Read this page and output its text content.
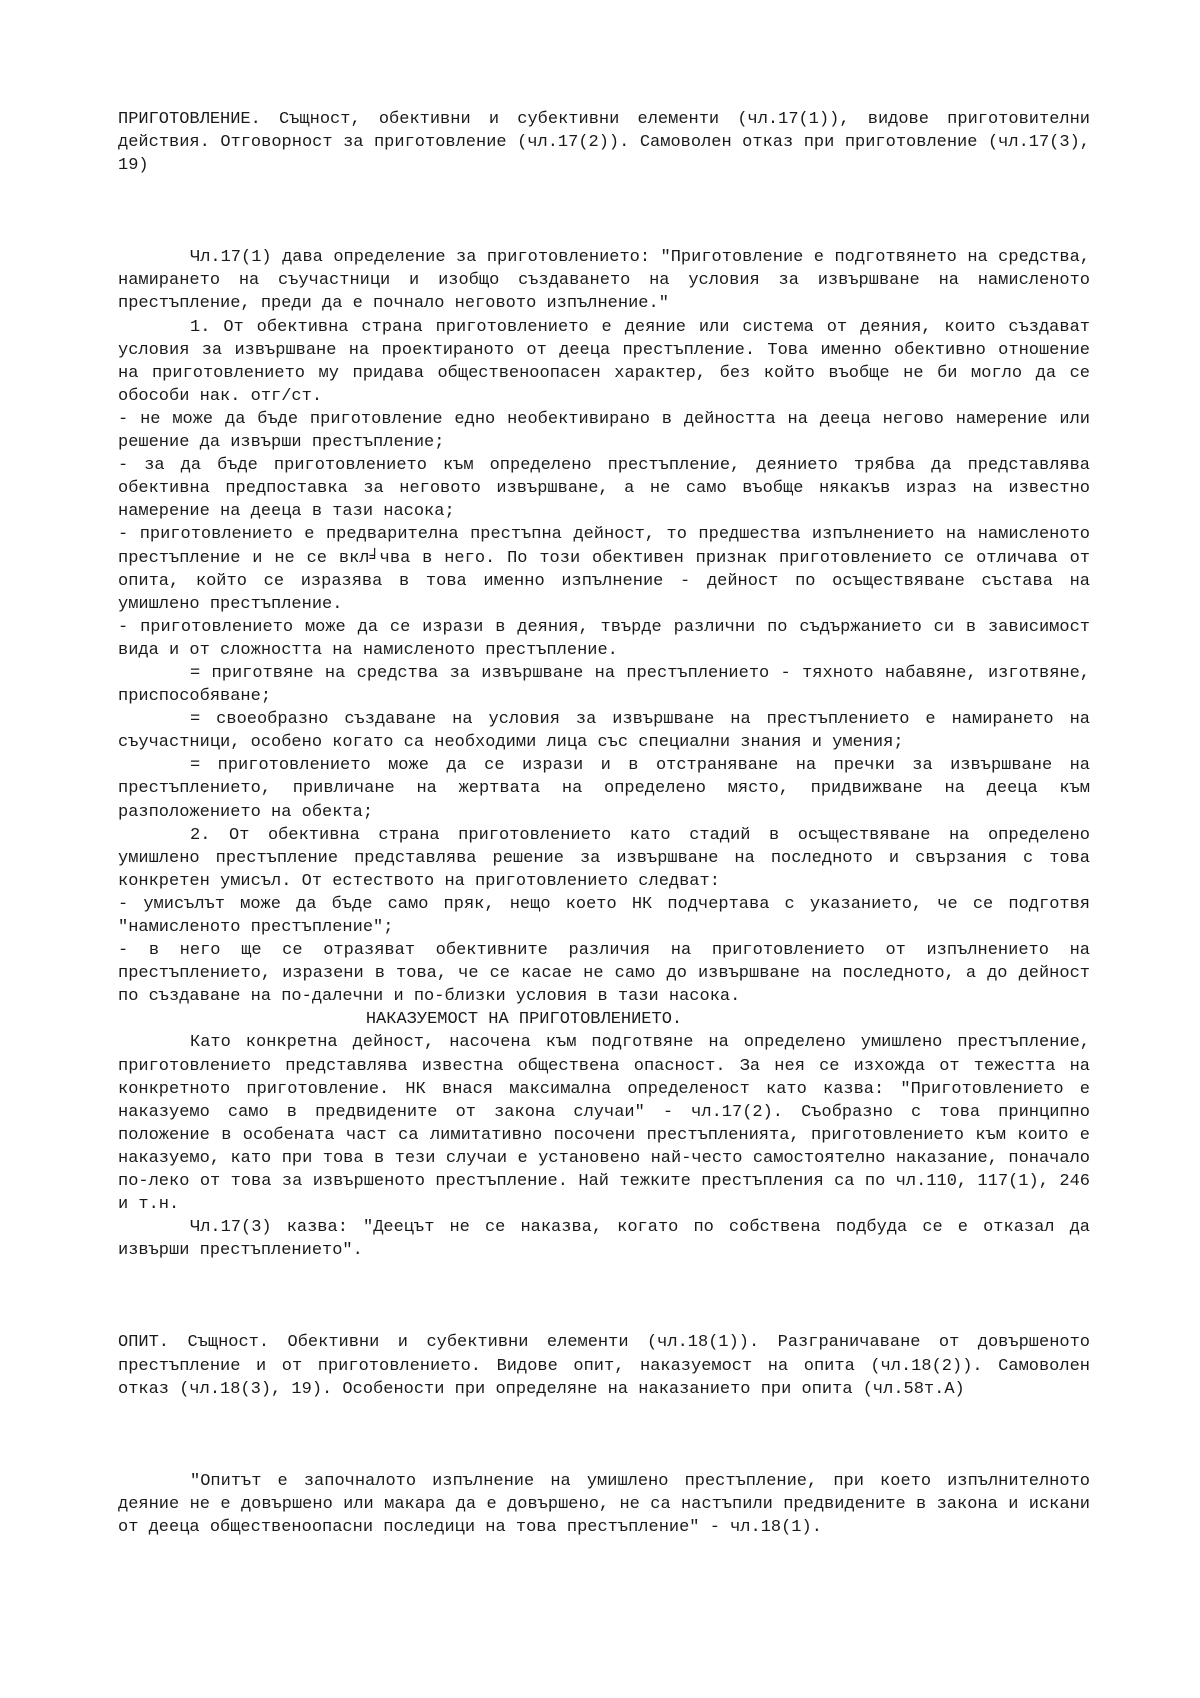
ПРИГОТОВЛЕНИЕ. Същност, обективни и субективни елементи (чл.17(1)), видове приготовителни действия. Отговорност за приготовление (чл.17(2)). Самоволен отказ при приготовление (чл.17(3), 19)

Чл.17(1) дава определение за приготовлението: "Приготовление е подготвянето на средства, намирането на съучастници и изобщо създаването на условия за извършване на намисленото престъпление, преди да е почнало неговото изпълнение."

1. От обективна страна приготовлението е деяние или система от деяния, които създават условия за извършване на проектираното от дееца престъпление. Това именно обективно отношение на приготовлението му придава общественоопасен характер, без който въобще не би могло да се обособи нак. отг/ст.

- не може да бъде приготовление едно необективирано в дейността на дееца негово намерение или решение да извърши престъпление;

- за да бъде приготовлението към определено престъпление, деянието трябва да представлява обективна предпоставка за неговото извършване, а не само въобще някакъв израз на известно намерение на дееца в тази насока;

- приготовлението е предварителна престъпна дейност, то предшества изпълнението на намисленото престъпление и не се вкл╛чва в него. По този обективен признак приготовлението се отличава от опита, който се изразява в това именно изпълнение - дейност по осъществяване състава на умишлено престъпление.

- приготовлението може да се изрази в деяния, твърде различни по съдържанието си в зависимост вида и от сложността на намисленото престъпление.

= приготвяне на средства за извършване на престъплението - тяхното набавяне, изготвяне, приспособяване;

= своеобразно създаване на условия за извършване на престъплението е намирането на съучастници, особено когато са необходими лица със специални знания и умения;

= приготовлението може да се изрази и в отстраняване на пречки за извършване на престъплението, привличане на жертвата на определено място, придвижване на дееца към разположението на обекта;

2. От обективна страна приготовлението като стадий в осъществяване на определено умишлено престъпление представлява решение за извършване на последното и свързания с това конкретен умисъл. От естеството на приготовлението следват:

- умисълът може да бъде само пряк, нещо което НК подчертава с указанието, че се подготвя "намисленото престъпление";

- в него ще се отразяват обективните различия на приготовлението от изпълнението на престъплението, изразени в това, че се касае не само до извършване на последното, а до дейност по създаване на по-далечни и по-близки условия в тази насока.

НАКАЗУЕМОСТ НА ПРИГОТОВЛЕНИЕТО.

Като конкретна дейност, насочена към подготвяне на определено умишлено престъпление, приготовлението представлява известна обществена опасност. За нея се изхожда от тежестта на конкретното приготовление. НК внася максимална определеност като казва: "Приготовлението е наказуемо само в предвидените от закона случаи" - чл.17(2). Съобразно с това принципно положение в особената част са лимитативно посочени престъпленията, приготовлението към които е наказуемо, като при това в тези случаи е установено най-често самостоятелно наказание, поначало по-леко от това за извършеното престъпление. Най тежките престъпления са по чл.110, 117(1), 246 и т.н.

Чл.17(3) казва: "Деецът не се наказва, когато по собствена подбуда се е отказал да извърши престъплението".

ОПИТ. Същност. Обективни и субективни елементи (чл.18(1)). Разграничаване от довършеното престъпление и от приготовлението. Видове опит, наказуемост на опита (чл.18(2)). Самоволен отказ (чл.18(3), 19). Особености при определяне на наказанието при опита (чл.58т.А)

"Опитът е започналото изпълнение на умишлено престъпление, при което изпълнителното деяние не е довършено или макара да е довършено, не са настъпили предвидените в закона и искани от дееца общественоопасни последици на това престъпление" - чл.18(1).
